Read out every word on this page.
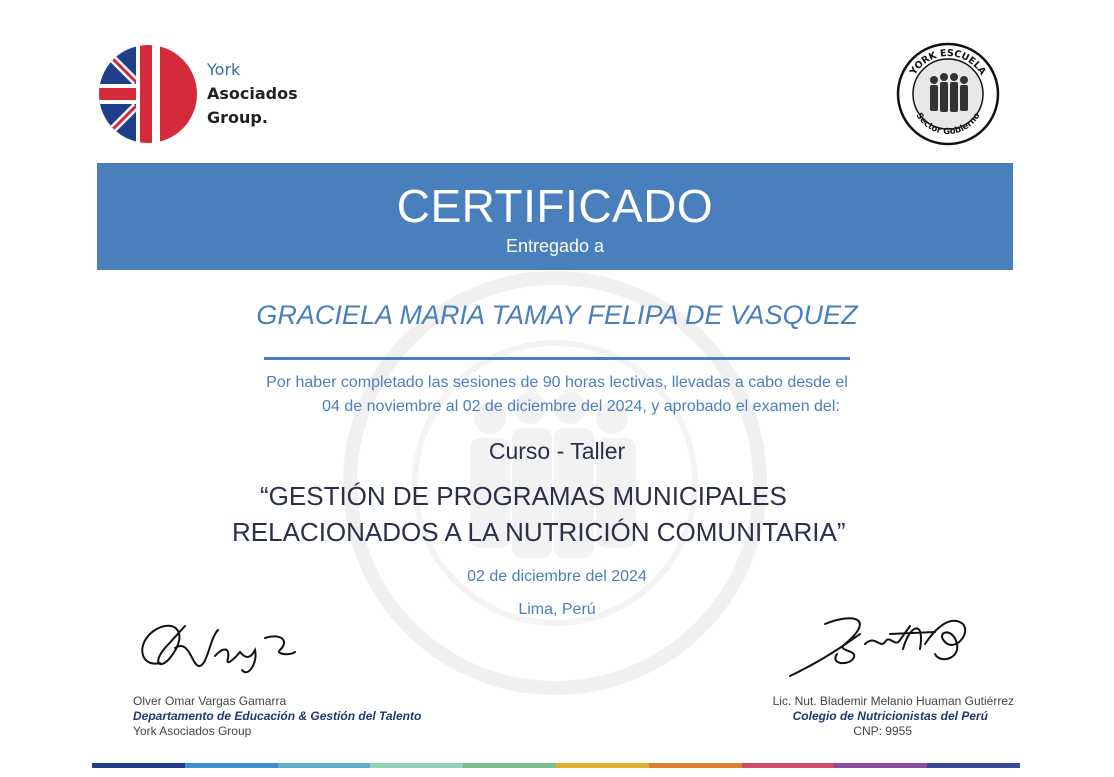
York
Asociados
Group.
YORK ESCUELA
Sector Gobierno
CERTIFICADO
Entregado a
GRACIELA MARIA TAMAY FELIPA DE VASQUEZ
Por haber completado las sesiones de 90 horas lectivas, llevadas a cabo desde el
04 de noviembre al 02 de diciembre del 2024, y aprobado el examen del:
Curso - Taller
“GESTIÓN DE PROGRAMAS MUNICIPALES
RELACIONADOS A LA NUTRICIÓN COMUNITARIA”
02 de diciembre del 2024
Lima, Perú
Olver Omar Vargas Gamarra
Departamento de Educación & Gestión del Talento
York Asociados Group
Lic. Nut. Blademir Melanio Huaman Gutiérrez
Colegio de Nutricionistas del Perú
CNP: 9955
